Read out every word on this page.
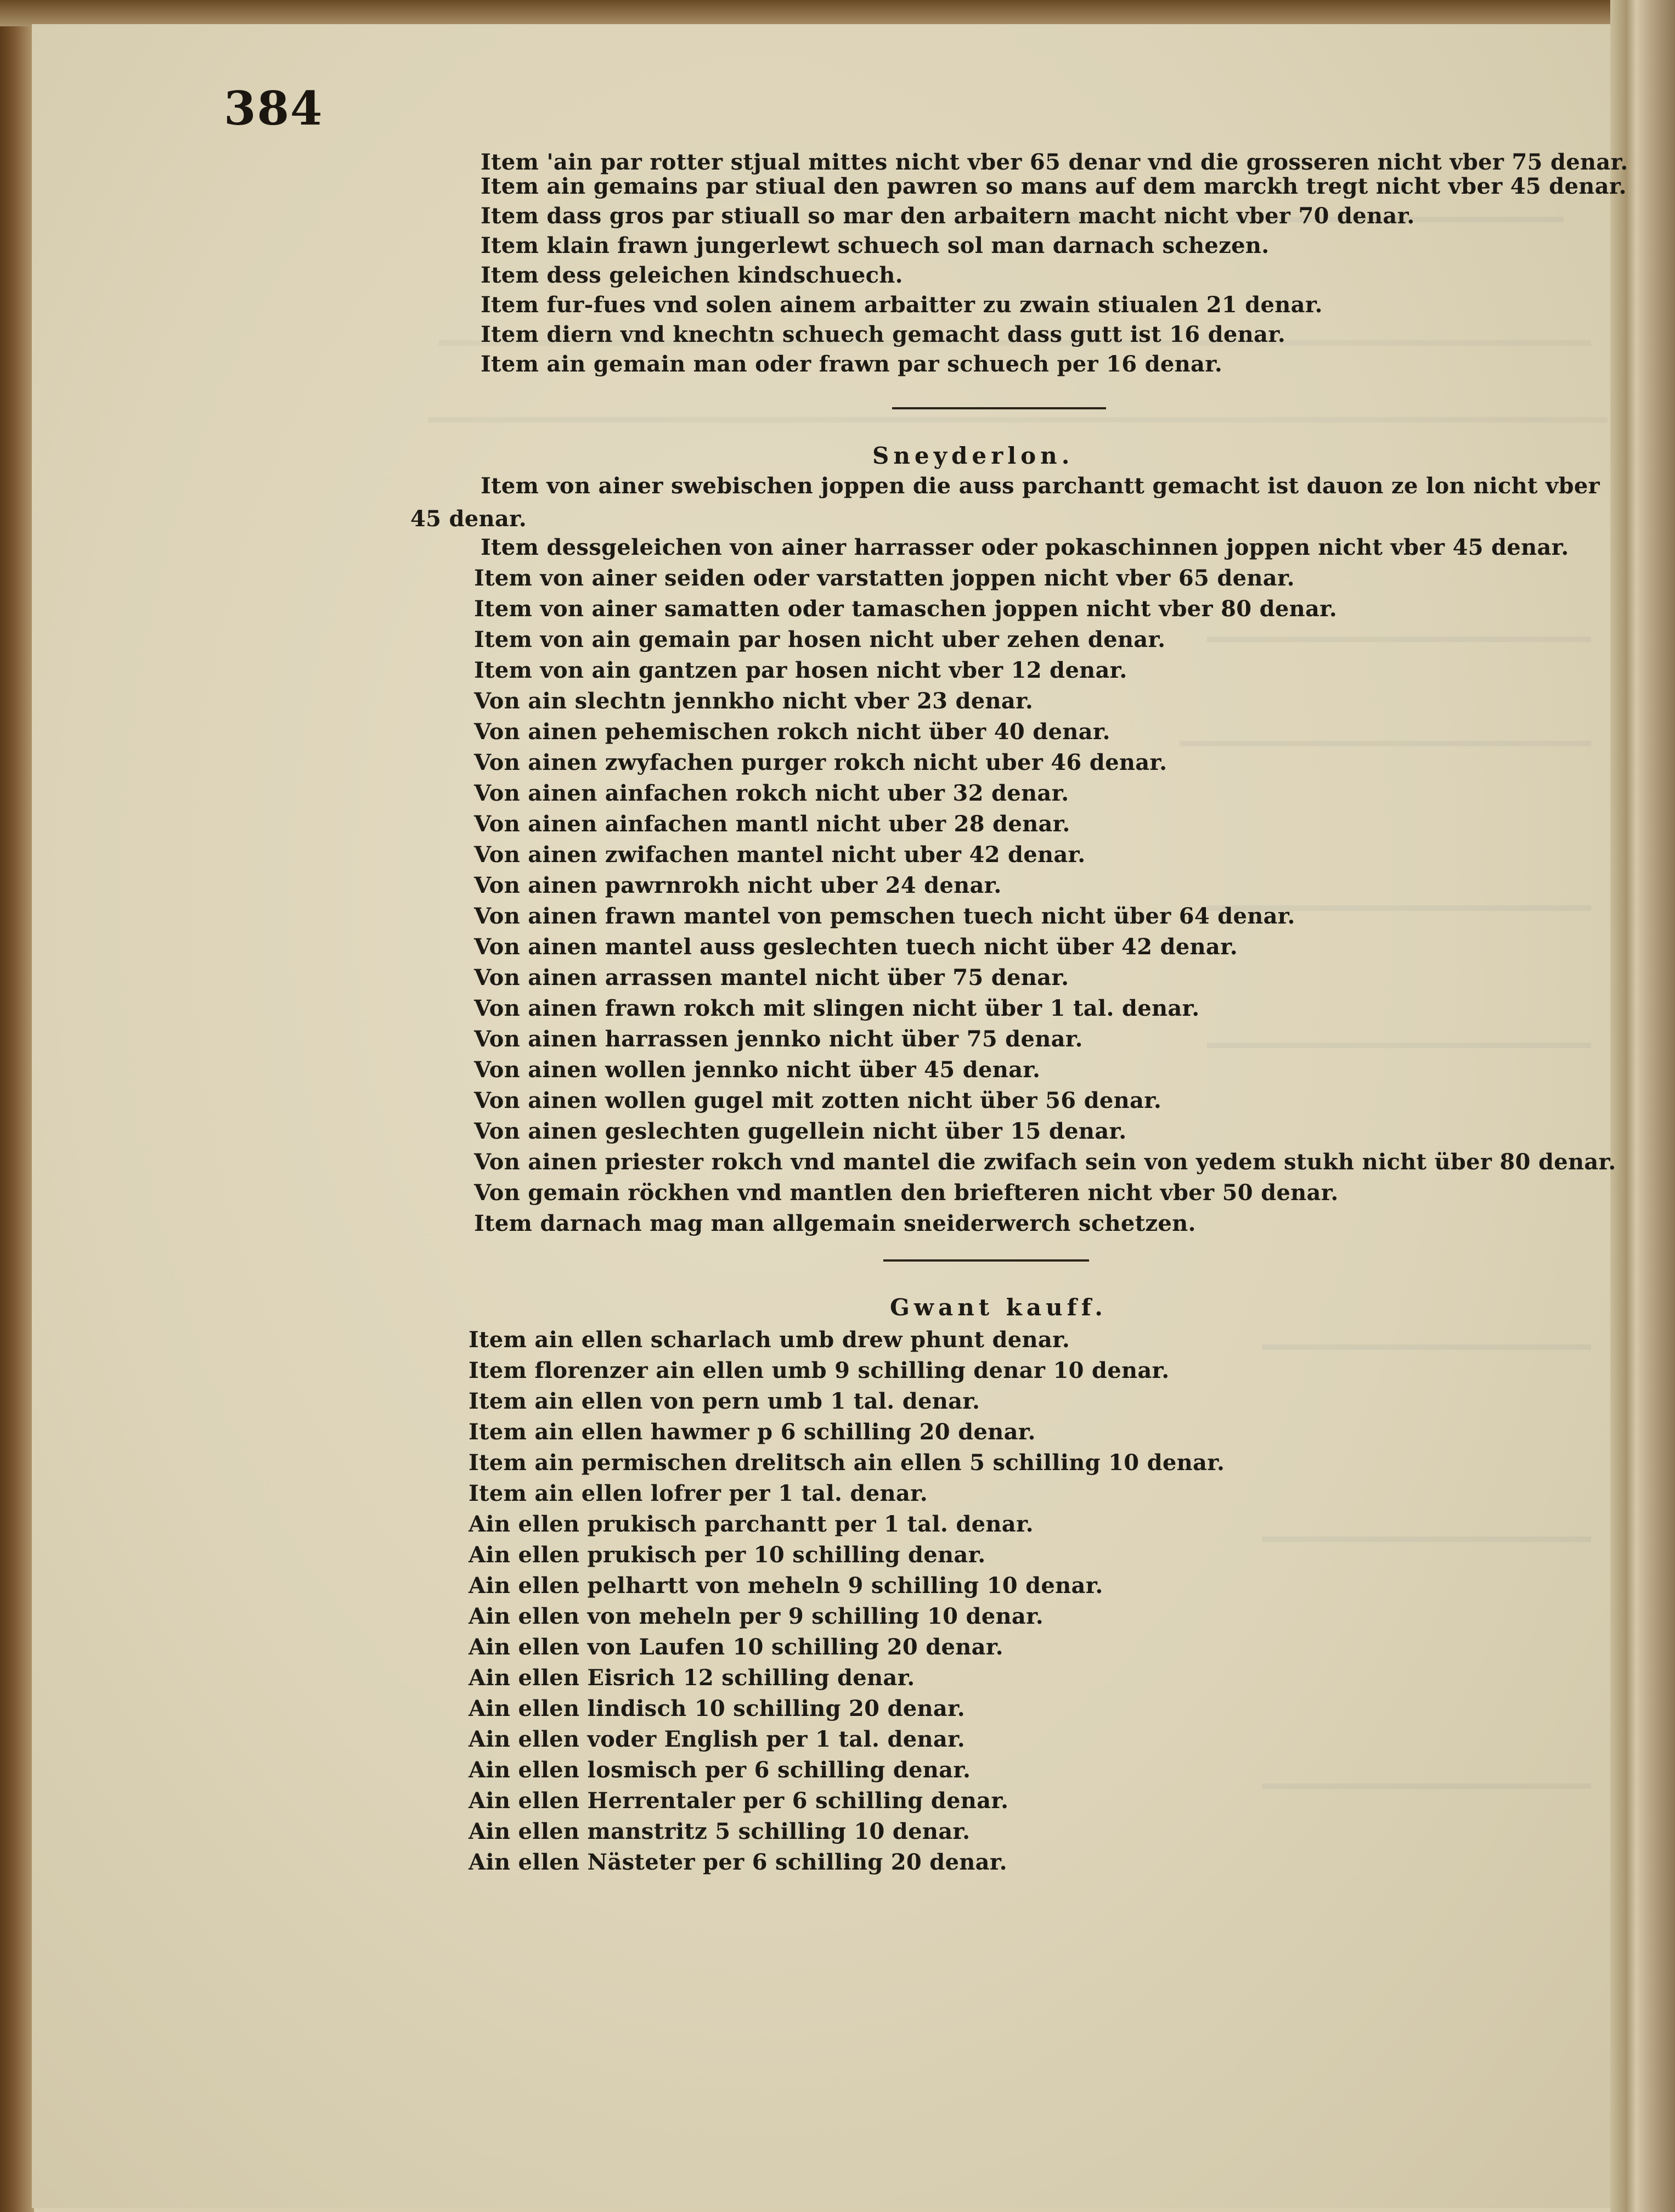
384
Item 'ain par rotter stjual mittes nicht vber 65 denar vnd die grosseren nicht vber 75 denar.
Item ain gemains par stiual den pawren so mans auf dem marckh tregt nicht vber 45 denar.
Item dass gros par stiuall so mar den arbaitern macht nicht vber 70 denar.
Item klain frawn jungerlewt schuech sol man darnach schezen.
Item dess geleichen kindschuech.
Item fur-fues vnd solen ainem arbaitter zu zwain stiualen 21 denar.
Item diern vnd knechtn schuech gemacht dass gutt ist 16 denar.
Item ain gemain man oder frawn par schuech per 16 denar.
Sneyderlon.
Item von ainer swebischen joppen die auss parchantt gemacht ist dauon ze lon nicht vber
45 denar.
Item dessgeleichen von ainer harrasser oder pokaschinnen joppen nicht vber 45 denar.
Item von ainer seiden oder varstatten joppen nicht vber 65 denar.
Item von ainer samatten oder tamaschen joppen nicht vber 80 denar.
Item von ain gemain par hosen nicht uber zehen denar.
Item von ain gantzen par hosen nicht vber 12 denar.
Von ain slechtn jennkho nicht vber 23 denar.
Von ainen pehemischen rokch nicht über 40 denar.
Von ainen zwyfachen purger rokch nicht uber 46 denar.
Von ainen ainfachen rokch nicht uber 32 denar.
Von ainen ainfachen mantl nicht uber 28 denar.
Von ainen zwifachen mantel nicht uber 42 denar.
Von ainen pawrnrokh nicht uber 24 denar.
Von ainen frawn mantel von pemschen tuech nicht über 64 denar.
Von ainen mantel auss geslechten tuech nicht über 42 denar.
Von ainen arrassen mantel nicht über 75 denar.
Von ainen frawn rokch mit slingen nicht über 1 tal. denar.
Von ainen harrassen jennko nicht über 75 denar.
Von ainen wollen jennko nicht über 45 denar.
Von ainen wollen gugel mit zotten nicht über 56 denar.
Von ainen geslechten gugellein nicht über 15 denar.
Von ainen priester rokch vnd mantel die zwifach sein von yedem stukh nicht über 80 denar.
Von gemain röckhen vnd mantlen den briefteren nicht vber 50 denar.
Item darnach mag man allgemain sneiderwerch schetzen.
Gwant kauff.
Item ain ellen scharlach umb drew phunt denar.
Item florenzer ain ellen umb 9 schilling denar 10 denar.
Item ain ellen von pern umb 1 tal. denar.
Item ain ellen hawmer p 6 schilling 20 denar.
Item ain permischen drelitsch ain ellen 5 schilling 10 denar.
Item ain ellen lofrer per 1 tal. denar.
Ain ellen prukisch parchantt per 1 tal. denar.
Ain ellen prukisch per 10 schilling denar.
Ain ellen pelhartt von meheln 9 schilling 10 denar.
Ain ellen von meheln per 9 schilling 10 denar.
Ain ellen von Laufen 10 schilling 20 denar.
Ain ellen Eisrich 12 schilling denar.
Ain ellen lindisch 10 schilling 20 denar.
Ain ellen voder English per 1 tal. denar.
Ain ellen losmisch per 6 schilling denar.
Ain ellen Herrentaler per 6 schilling denar.
Ain ellen manstritz 5 schilling 10 denar.
Ain ellen Nästeter per 6 schilling 20 denar.
